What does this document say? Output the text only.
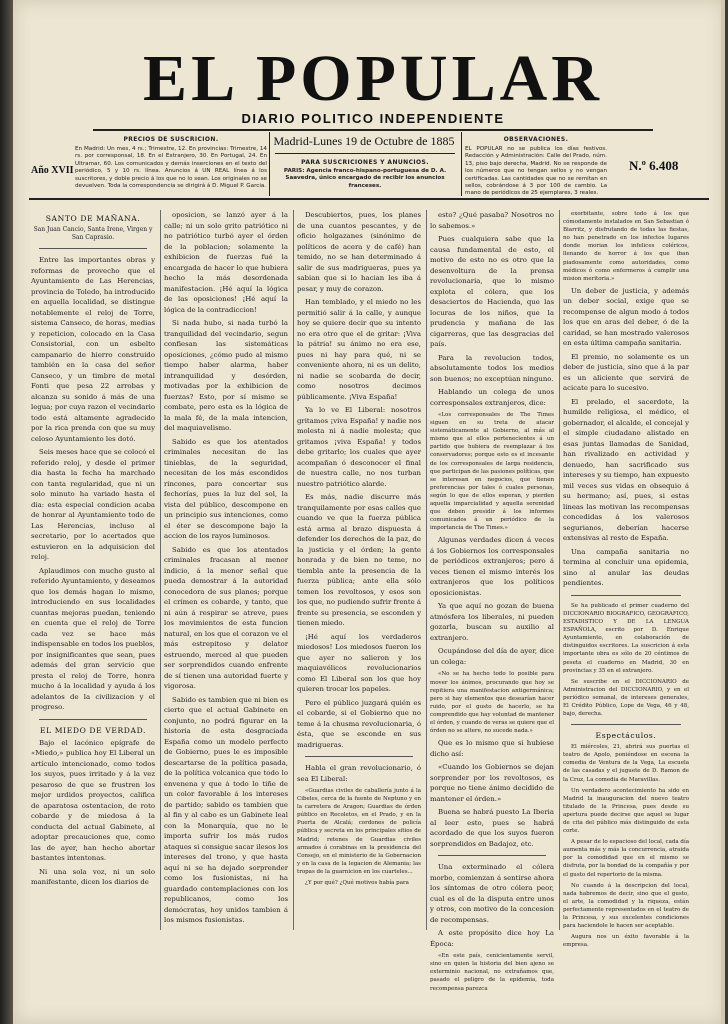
EL POPULAR
DIARIO POLITICO INDEPENDIENTE
Año XVII
PRECIOS DE SUSCRICION.
En Madrid: Un mes, 4 rs.; Trimestre, 12. En provincias: Trimestre, 14 rs. por corresponsal, 18. En el Extranjero, 30. En Portugal, 24. En Ultramar, 60. Los comunicados y demás inserciones en el texto del periódico, 5 y 10 rs. línea. Anuncios á UN REAL línea á los suscritores, y doble precio á los que no lo sean. Los originales no se devuelven. Toda la correspondencia se dirigirá á D. Miguel P. Garcia.
Madrid-Lunes 19 de Octubre de 1885
PARA SUSCRICIONES Y ANUNCIOS.
PARIS: Agencia franco-hispano-portuguesa de D. A. Saavedra, único encargado de recibir los anuncios franceses.
OBSERVACIONES.
EL POPULAR no se publica los días festivos. Redacción y Administración: Calle del Prado, núm. 13, piso bajo derecha, Madrid. No se responde de los números que no tengan sellos y no vengan certificadas. Las cantidades que no se remitan en sellos, cobrándose á 3 por 100 de cambio. La mano de periódicos de 25 ejemplares, 3 reales.
N.º 6.408
SANTO DE MAÑANA.

San Juan Cancio, Santa Irene, Virgen y San Caprasio.

Entre las importantes obras y reformas de provecho que el Ayuntamiento de Las Herencias, provincia de Toledo, ha introducido en aquella localidad, se distingue notablemente el reloj de Torre, sistema Canseco, de horas, medias y repeticion, colocado en la Casa Consistorial, con un esbelto campanario de hierro construido también en la casa del señor Canseco, y un timbre de metal Fonti que pesa 22 arrobas y alcanza su sonido á más de una legua; por cuya razon el vecindario todo está altamente agradecido por la rica prenda con que su muy celoso Ayuntamiento les dotó.

Seis meses hace que se colocó el referido reloj, y desde el primer dia hasta la fecha ha marchado con tanta regularidad, que ni un solo minuto ha variado hasta el dia: esta especial condicion acaba de honrar al Ayuntamiento todo de Las Herencias, incluso al secretario, por lo acertados que estuvieron en la adquisicion del reloj.

Aplaudimos con mucho gusto al referido Ayuntamiento, y deseamos que los demás hagan lo mismo, introduciendo en sus localidades cuantas mejoras puedan, teniendo en cuenta que el reloj de Torre cada vez se hace más indispensable en todos los pueblos, por insignificantes que sean, pues además del gran servicio que presta el reloj de Torre, honra mucho á la localidad y ayuda á los adelantos de la civilizacion y el progreso.

EL MIEDO DE VERDAD.

Bajo el lacónico epígrafe de «Miedo,» publica hoy El Liberal un artículo intencionado, como todos los suyos, pues irritado y á la vez pesaroso de que se frustren los mejor urdidos proyectos, califica de aparatosa ostentacion, de roto cobarde y de miedosa á la conducta del actual Gabinete, al adoptar precauciones que, como las de ayer, han hecho abortar bastantes intentonas.

Ni una sola voz, ni un solo manifestante, dicen los diarios de

oposicion, se lanzó ayer á la calle; ni un solo grito patriótico ni no patriótico turbó ayer el órden de la poblacion; solamente la exhibicion de fuerzas fué la encargada de hacer lo que hubiera hecho la más desordenada manifestacion. ¡Hé aquí la lógica de las oposiciones! ¡Hé aquí la lógica de la contradiccion!

Si nada hubo, si nada turbó la tranquilidad del vecindario, segun confiesan las sistemáticas oposiciones, ¿cómo pudo al mismo tiempo haber alarma, haber intranquilidad y desórden, motivadas por la exhibicion de fuerzas? Esto, por sí mismo se combate, pero esta es la lógica de la mala fé, de la mala intencion, del maquiavelismo.

Sabido es que los atentados criminales necesitan de las tinieblas, de la seguridad, necesitan de los más escondidos rincones, para concertar sus fechorías, pues la luz del sol, la vista del público, descompone en un principio sus intenciones, como el éter se descompone bajo la accion de los rayos luminosos.

Sabido es que los atentados criminales fracasan al menor indicio, á la menor señal que pueda demostrar á la autoridad conocedora de sus planes; porque el crímen es cobarde, y tanto, que ni aún á respirar se atreve, pues los movimientos de esta funcion natural, en los que el corazon ve el más estrepitoso y delator estruendo, merced al que pueden ser sorprendidos cuando enfrente de sí tienen una autoridad fuerte y vigorosa.

Sabido es tambien que ni bien es cierto que el actual Gabinete en conjunto, no podrá figurar en la historia de esta desgraciada España como un modelo perfecto de Gobierno, pues le es imposible descartarse de la política pasada, de la política volcanica que todo lo envenena y que á todo lo tiñe de un color favorable á los intereses de partido; sabido es tambien que al fin y al cabo es un Gabinete leal con la Monarquía, que no le importa sufrir los más rudos ataques si consigue sacar ilesos los intereses del trono, y que hasta aquí ni se ha dejado sorprender como los fusionistas, ni ha guardado contemplaciones con los republicanos, como los demócratas, hoy unidos tambien á los mismos fusionistas.

Descubiertos, pues, los planes de una cuantos pescantes, y de oficio holgazanes (sinónimo de políticos de acera y de café) han temido, no se han determinado á salir de sus madrigueras, pues ya sabian que si lo hacian les iba á pesar, y muy de corazon.

Han temblado, y el miedo no les permitió salir á la calle, y aunque hoy se quiere decir que su intento no era otro que el de gritar: ¡Viva la pátria! su ánimo no era ese, pues ni hay para qué, ni se conveniente ahora, ni es un delito, ni nadie se scobarda de decir, como nosotros decimos públicamente. ¡Viva España!

Ya lo ve El Liberal: nosotros gritamos ¡viva España! y nadie nos molesta ni á nadie molesta; que gritamos ¡viva España! y todos debe gritarlo; los cuales que ayer acompañan ó desconocer el final de nuestra calle, no nos turban nuestro patriótico alarde.

Es más, nadie discurre más tranquilamente por esas calles que cuando ve que la fuerza pública está arma al brazo dispuesta á defender los derechos de la paz, de la justicia y el órden; la gente honrada y de bien no teme, no tiembla ante la presencia de la fuerza pública; ante ella sólo temen los revoltosos, y esos son los que, no pudiendo sufrir frente á frente su presencia, se esconden y tienen miedo.

¡Hé aquí los verdaderos miedosos! Los miedosos fueron los que ayer no salieron y los maquiavélicos revolucionarios como El Liberal son los que hoy quieren trocar los papeles.

Pero el público juzgará quién es el cobarde, si el Gobierno que no teme á la chusma revolucionaria, ó ésta, que se esconde en sus madrigueras.

Habla el gran revolucionario, ó sea El Liberal:

«Guardias civiles de caballería junto á la Cibeles, cerca de la fuente de Neptuno y en la carretera de Aragon; Guardias de órden público en Recoletos, en el Prado, y en la Puerta de Alcalá; cordones de policía pública y secreta en los principales sitios de Madrid; retenes de Guardias civiles armados á corabinas en la presidencia del Consejo, en el ministerio de la Gobernacion y en la casa de la legacion de Alemania; las tropas de la guarnicion en los cuarteles...

¿Y por qué? ¿Qué motivos había para

esto? ¿Qué pasaba? Nosotros no lo sabemos.»

Pues cualquiera sabe que la causa fundamental de esto, el motivo de esto no es otro que la desenvoltura de la prensa revolucionaria, que lo mismo explota el cólera, que los desaciertos de Hacienda, que las locuras de los niños, que la prudencia y mañana de las cigarreras, que las desgracias del país.

Para la revolucion todos, absolutamente todos los medios son buenos; no exceptúan ninguno.

Hablando un colega de unos corresponsales extranjeros, dice:

«Los corresponsales de The Times siguen en su treta de atacar sistemáticamente al Gobierno, al más al mismo que al ellos pertenecientes á un partido que hubiera de reemplazar á los conservadores; porque esto es el incesante de los corresponsales de larga residencia, que participan de las pasiones políticas, que se interesan en negocios, que tienen preferencias por tales ó cuales personas, según lo que de ellos esperan, y pierden aquella imparcialidad y aquella serenidad que deben presidir á los informes comunicados á un periódico de la importancia de The Times.»

Algunas verdades dicen á veces á los Gobiernos los corresponsales de periódicos extranjeros; pero á veces tienen el mismo interés los extranjeros que los políticos oposicionistas.

Ya que aquí no gozan de buena atmósfera los liberales, ni pueden gozarla, buscan su auxilio al extranjero.

Ocupándose del día de ayer, dice un colega:

«No se ha hecho todo lo posible para mover los ánimos, procurando que hoy se repitiera una manifestacion antigermánica; pero si hay elementos que desearían hacer ruido, por el gusto de hacerlo, se ha comprendido que hay voluntad de mantener el órden, y cuando de veras se quiere que el órden no se altere, no sucede nada.»

Que es lo mismo que si hubiese dicho así:

«Cuando los Gobiernos se dejan sorprender por los revoltosos, es porque no tiene ánimo decidido de mantener el órden.»

Buena se habrá puesto La Iberia al leer esto, pues se habrá acordado de que los suyos fueron sorprendidos en Badajoz, etc.

Una exterminado el cólera morbo, comienzan á sentirse ahora los síntomas de otro cólera peor, cual es el de la disputa entre unos y otros, con motivo de la concesion de recompensas.

A este propósito dice hoy La Época:

«En este país, cenicientamente servil, sino en quien la historia del bien ajeno se exterminio nacional, no extrañamos que, pasado el peligro de la epidemia, toda recompensa parezca

exorbitante, sobre todo á los que cómodamente instalados en San Sebastian ó Biarritz, y disfrutando de todas las fiestas, no han penetrado en los infectos lugares donde morian los infelices coléricos, llenando de horror á los que iban piadosamente como autoridades, como médicos ó como enfermeros á cumplir una mision meritoria.»

Un deber de justicia, y además un deber social, exige que se recompense de algun modo á todos los que en aras del deber, ó de la caridad, se han mostrado valerosos en esta última campaña sanitaria.

El premio, no solamente es un deber de justicia, sino que á la par es un aliciente que servirá de acicate para lo sucesivo.

El prelado, el sacerdote, la humilde religiosa, el médico, el gobernador, el alcalde, el concejal y el simple ciudadano alistado en esas juntas llamadas de Sanidad, han rivalizado en actividad y denuedo, han sacrificado sus intereses y su tiempo, han expuesto mil veces sus vidas en obsequio á su hermano; así, pues, si estas lineas las motivan las recompensas concedidas á los valerosos segurianos, deberían hacerse extensivas al resto de España.

Una campaña sanitaria no termina al concluir una epidemia, sino al anular las deudas pendientes.

Se ha publicado el primer cuaderno del DICCIONARIO BIOGRAFICO, GEOGRAFICO, ESTADISTICO Y DE LA LENGUA ESPAÑOLA, escrito por D. Enrique Ayuntamiento, en colaboración de distinguidos escritores. La suscricion á esta importante obra es sólo de 20 céntimos de peseta el cuaderno en Madrid, 30 en provincias y 35 en el extranjero.

Se suscribe en el DICCIONARIO de Administracion del DICCIONARIO, y en el periódico semanal, de intereses generales, El Crédito Público, Lope de Vega, 46 y 48, bajo, derecha.

Espectáculos.

El miércoles, 21, abrirá sus puertas el teatro de Apolo, poniéndose en escena la comedia de Ventura de la Vega, La escuela de las casadas y el juguete de D. Ramon de la Cruz, La comedia de Maravillas.

Un verdadero acontecimiento ha sido en Madrid la inauguracion del nuevo teatro titulado de la Princesa, pues desde su apertura puede decirse que aquel se lugar de cita del público más distinguido de esta corte.

A pesar de lo espacioso del local, cada día aumenta más y más la concurrencia, atraida por la comodidad que en el mismo se disfruta, por la bondad de la compañía y por el gusto del repertorio de la misma.

No cuando á la descripcion del local, nada habremos de decir, sino que el gusto, el arte, la comodidad y la riqueza, están perfectamente representados en el teatro de la Princesa, y sus excelentes condiciones para haciendole le hacen ser aceptable.

Augura nos un éxito favorable á la empresa.
